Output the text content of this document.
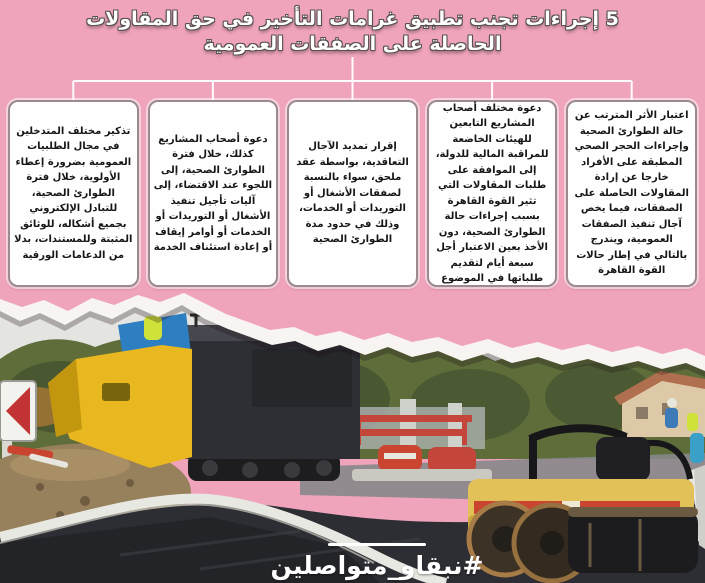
5 إجراءات تجنب تطبيق غرامات التأخير في حق المقاولات
الحاصلة على الصفقات العمومية

اعتبار الأثر المترتب عن حالة الطوارئ الصحية وإجراءات الحجر الصحي المطبقة على الأفراد خارجا عن إرادة المقاولات الحاصلة على الصفقات، فيما يخص آجال تنفيذ الصفقات العمومية، ويندرج بالتالي في إطار حالات القوة القاهرة

دعوة مختلف أصحاب المشاريع التابعين للهيئات الخاضعة للمراقبة المالية للدولة، إلى الموافقة على طلبات المقاولات التي تثير القوة القاهرة بسبب إجراءات حالة الطوارئ الصحية، دون الأخذ بعين الاعتبار أجل سبعة أيام لتقديم طلباتها في الموضوع

إقرار تمديد الآجال التعاقدية، بواسطة عقد ملحق، سواء بالنسبة لصفقات الأشغال أو التوريدات أو الخدمات، وذلك في حدود مدة الطوارئ الصحية

دعوة أصحاب المشاريع كذلك، خلال فترة الطوارئ الصحية، إلى اللجوء عند الاقتضاء، إلى آليات تأجيل تنفيذ الأشغال أو التوريدات أو الخدمات أو أوامر إيقاف أو إعادة استئناف الخدمة

تذكير مختلف المتدخلين في مجال الطلبيات العمومية بضرورة إعطاء الأولوية، خلال فترة الطوارئ الصحية، للتبادل الإلكتروني بجميع أشكاله، للوثائق المثبتة وللمستندات، بدلا من الدعامات الورقية

#نبقاو_متواصلين
